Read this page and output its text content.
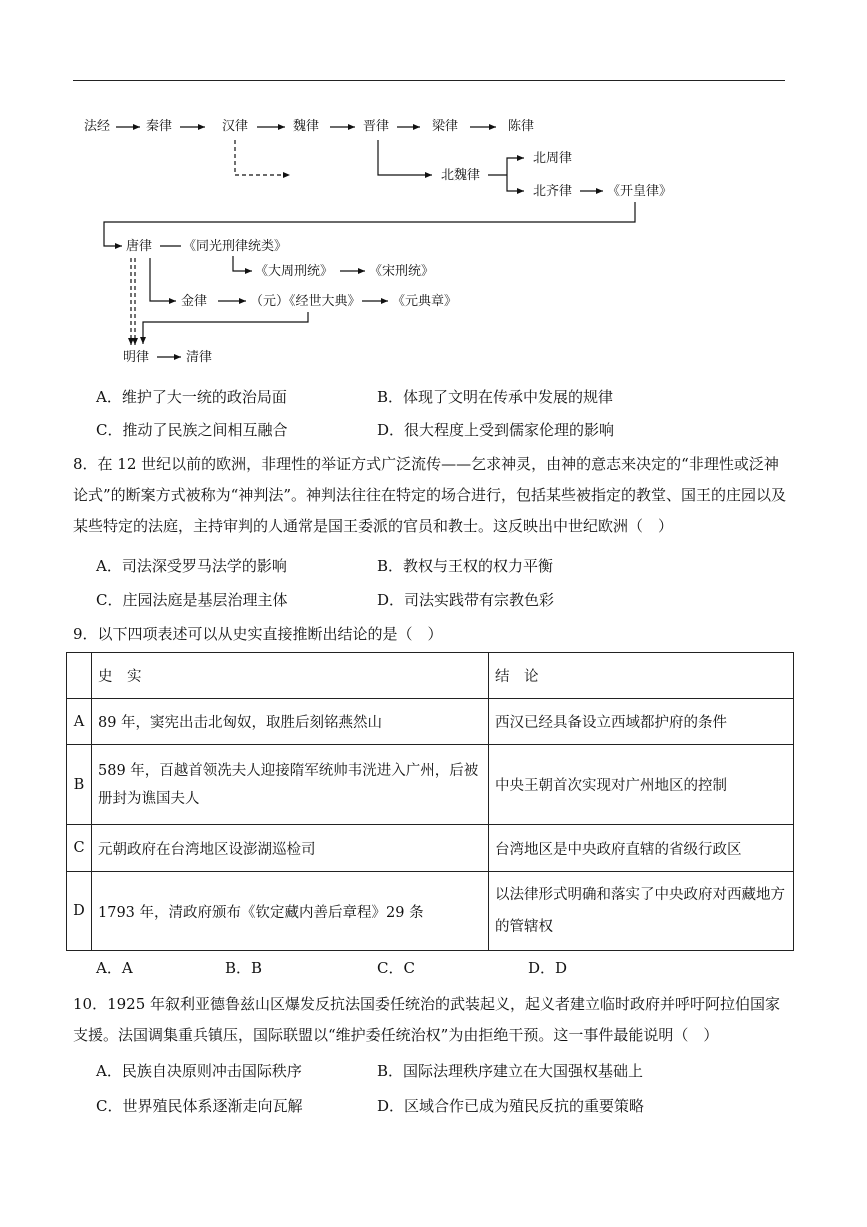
法经	秦律	汉律	魏律	晋律	梁律	陈律
北魏律
北周律
北齐律	《开皇律》
唐律 《同光刑律统类》
《大周刑统》	《宋刑统》
金律	（元）《经世大典》 《元典章》
明律	清律
A．维护了大一统的政治局面	B．体现了文明在传承中发展的规律
C．推动了民族之间相互融合	D．很大程度上受到儒家伦理的影响
8．在 12 世纪以前的欧洲，非理性的举证方式广泛流传——乞求神灵，由神的意志来决定的“非理性或泛神论式”的断案方式被称为“神判法”。神判法往往在特定的场合进行，包括某些被指定的教堂、国王的庄园以及某些特定的法庭，主持审判的人通常是国王委派的官员和教士。这反映出中世纪欧洲（　）
A．司法深受罗马法学的影响	B．教权与王权的权力平衡
C．庄园法庭是基层治理主体	D．司法实践带有宗教色彩
9．以下四项表述可以从史实直接推断出结论的是（　）
	史　实	结　论
A	89 年，窦宪出击北匈奴，取胜后刻铭燕然山	西汉已经具备设立西域都护府的条件
B	589 年，百越首领冼夫人迎接隋军统帅韦洸进入广州，后被册封为谯国夫人	中央王朝首次实现对广州地区的控制
C	元朝政府在台湾地区设澎湖巡检司	台湾地区是中央政府直辖的省级行政区
D	1793 年，清政府颁布《钦定藏内善后章程》29 条	以法律形式明确和落实了中央政府对西藏地方的管辖权
A．A	B．B	C．C	D．D
10．1925 年叙利亚德鲁兹山区爆发反抗法国委任统治的武装起义，起义者建立临时政府并呼吁阿拉伯国家支援。法国调集重兵镇压，国际联盟以“维护委任统治权”为由拒绝干预。这一事件最能说明（　）
A．民族自决原则冲击国际秩序	B．国际法理秩序建立在大国强权基础上
C．世界殖民体系逐渐走向瓦解	D．区域合作已成为殖民反抗的重要策略
